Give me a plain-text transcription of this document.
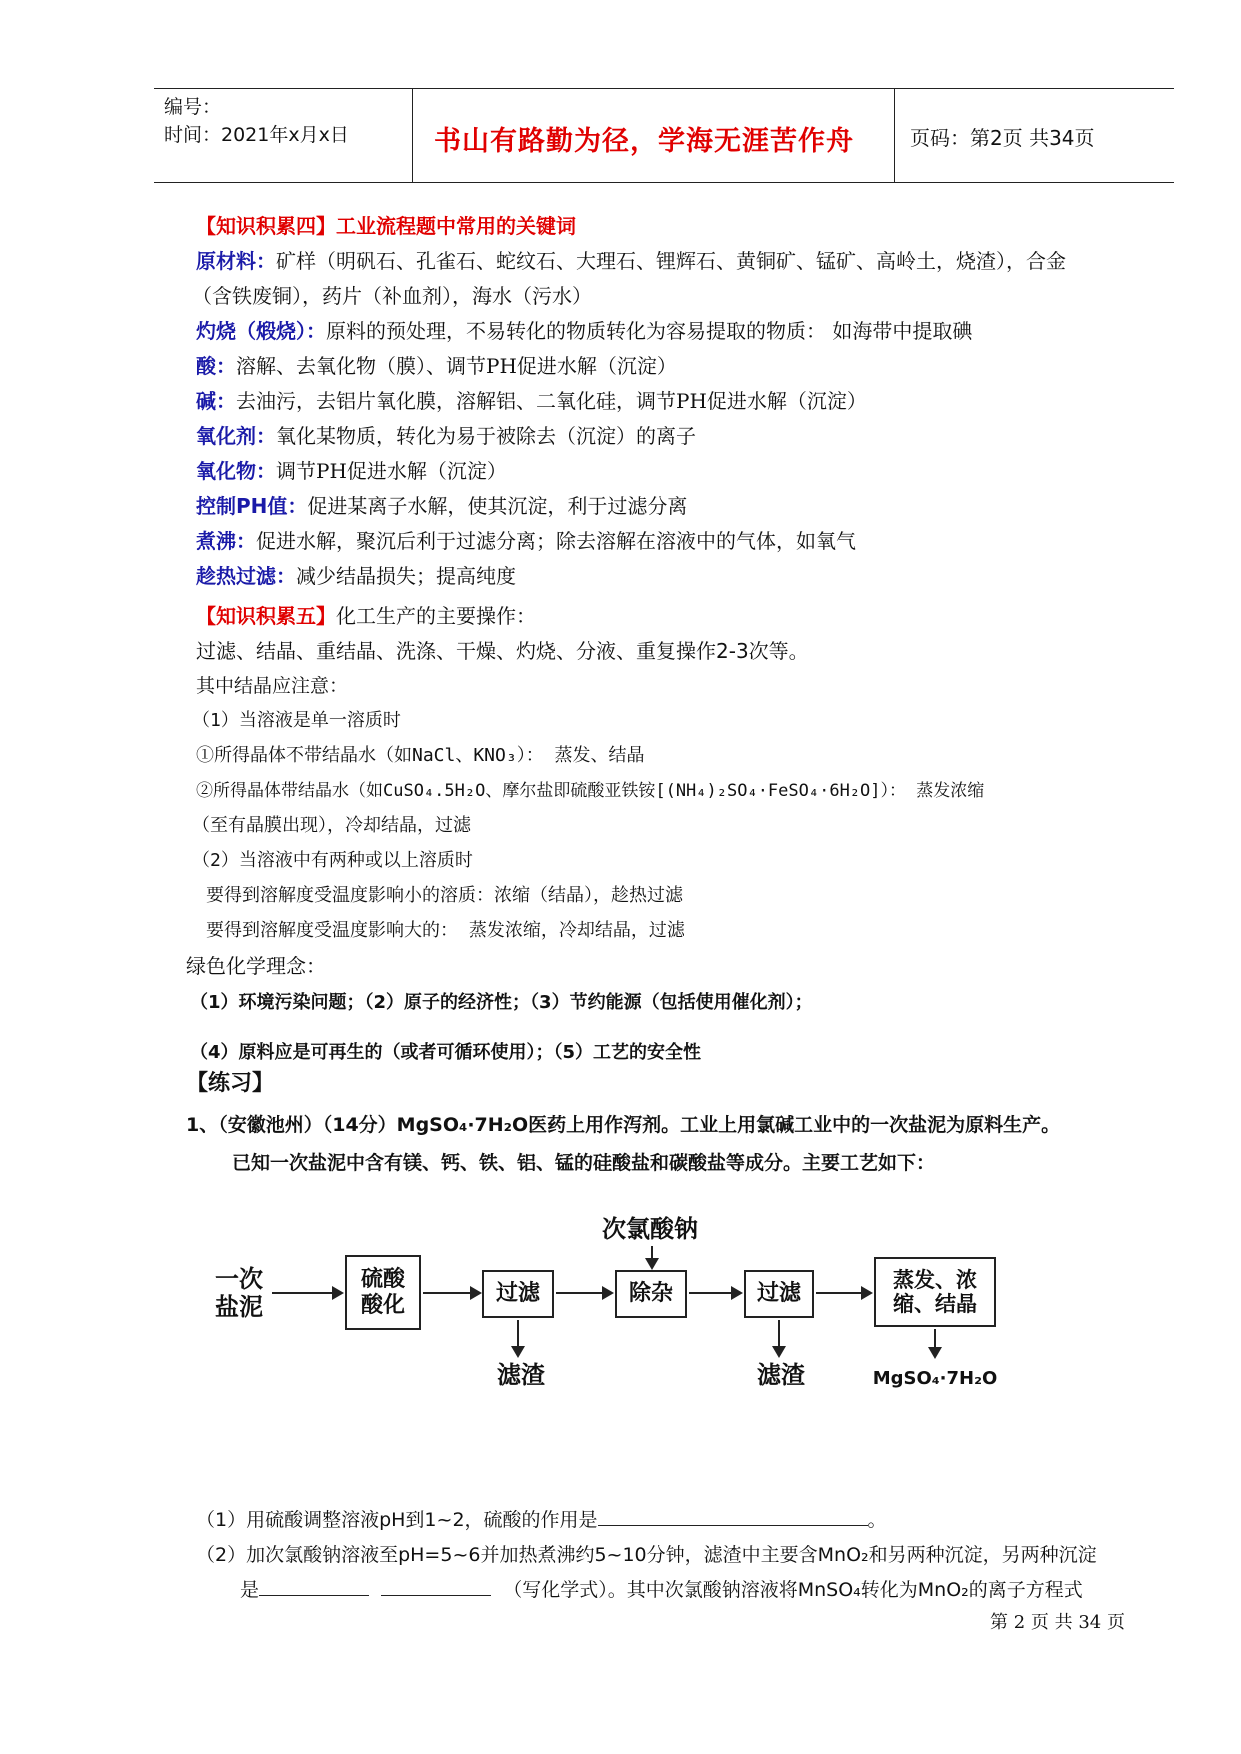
编号：
时间：2021年x月x日	书山有路勤为径，学海无涯苦作舟	页码：第2页 共34页
【知识积累四】工业流程题中常用的关键词
原材料：矿样（明矾石、孔雀石、蛇纹石、大理石、锂辉石、黄铜矿、锰矿、高岭土，烧渣），合金
（含铁废铜），药片（补血剂），海水（污水）
灼烧（煅烧）：原料的预处理，不易转化的物质转化为容易提取的物质： 如海带中提取碘
酸：溶解、去氧化物（膜）、调节PH促进水解（沉淀）
碱：去油污，去铝片氧化膜，溶解铝、二氧化硅，调节PH促进水解（沉淀）
氧化剂：氧化某物质，转化为易于被除去（沉淀）的离子
氧化物：调节PH促进水解（沉淀）
控制PH值：促进某离子水解，使其沉淀，利于过滤分离
煮沸：促进水解，聚沉后利于过滤分离；除去溶解在溶液中的气体，如氧气
趁热过滤：减少结晶损失；提高纯度
【知识积累五】化工生产的主要操作：
过滤、结晶、重结晶、洗涤、干燥、灼烧、分液、重复操作2-3次等。
其中结晶应注意：
（1）当溶液是单一溶质时
①所得晶体不带结晶水（如NaCl、KNO₃）： 蒸发、结晶
②所得晶体带结晶水（如CuSO₄.5H₂O、摩尔盐即硫酸亚铁铵[(NH₄)₂SO₄·FeSO₄·6H₂O]）： 蒸发浓缩
（至有晶膜出现），冷却结晶，过滤
（2）当溶液中有两种或以上溶质时
要得到溶解度受温度影响小的溶质：浓缩（结晶），趁热过滤
要得到溶解度受温度影响大的： 蒸发浓缩，冷却结晶，过滤
绿色化学理念：
（1）环境污染问题；（2）原子的经济性；（3）节约能源（包括使用催化剂）；
（4）原料应是可再生的（或者可循环使用）；（5）工艺的安全性
【练习】
1、（安徽池州）（14分）MgSO₄·7H₂O医药上用作泻剂。工业上用氯碱工业中的一次盐泥为原料生产。
已知一次盐泥中含有镁、钙、铁、铝、锰的硅酸盐和碳酸盐等成分。主要工艺如下：
一次
盐泥
硫酸
酸化	过滤
滤渣
次氯酸钠
除杂	过滤
滤渣
蒸发、浓
缩、结晶
MgSO₄·7H₂O
（1）用硫酸调整溶液pH到1~2，硫酸的作用是	。
（2）加次氯酸钠溶液至pH=5~6并加热煮沸约5~10分钟，滤渣中主要含MnO₂和另两种沉淀，另两种沉淀
是	（写化学式）。其中次氯酸钠溶液将MnSO₄转化为MnO₂的离子方程式
第 2 页 共 34 页
